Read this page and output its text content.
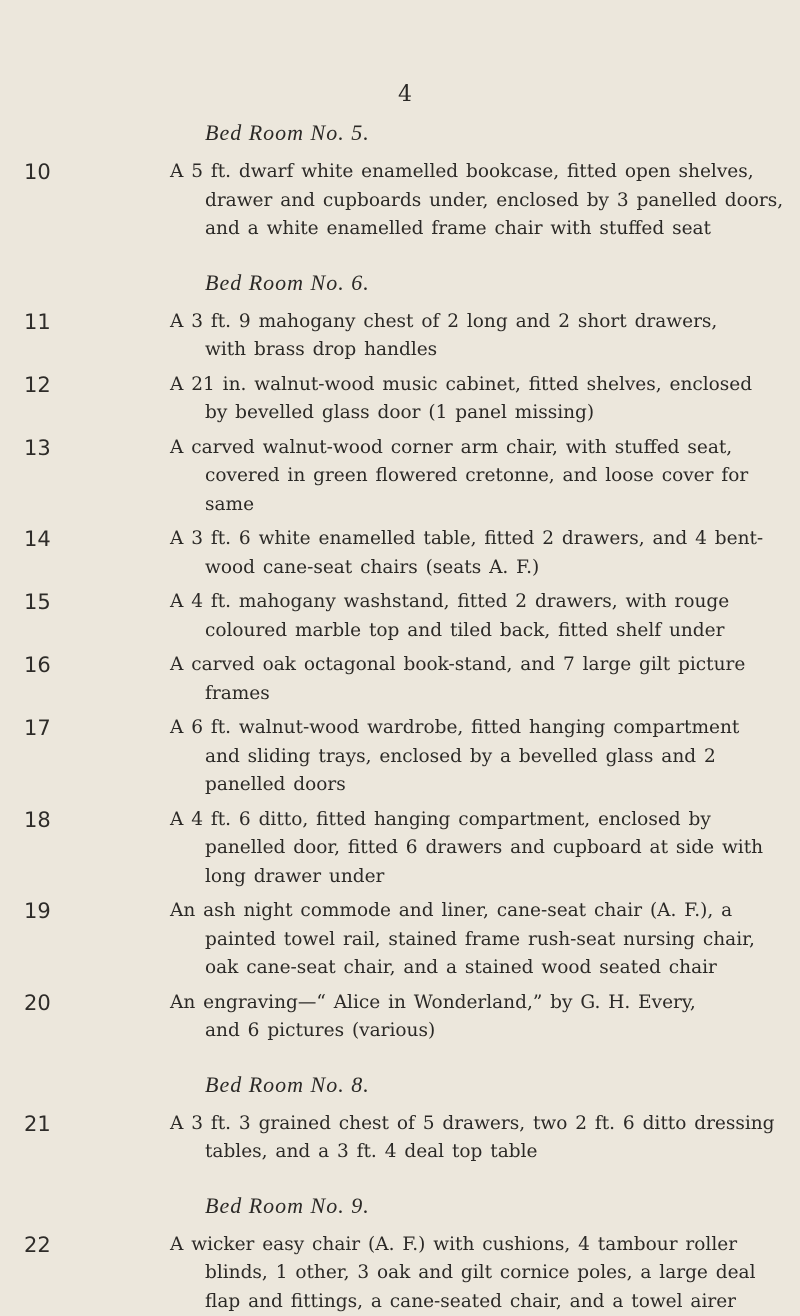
4
Bed Room No. 5.
10	A 5 ft. dwarf white enamelled bookcase, fitted open shelves,
drawer and cupboards under, enclosed by 3 panelled doors,
and a white enamelled frame chair with stuffed seat
Bed Room No. 6.
11	A 3 ft. 9 mahogany chest of 2 long and 2 short drawers,
with brass drop handles
12	A 21 in. walnut-wood music cabinet, fitted shelves, enclosed
by bevelled glass door (1 panel missing)
13	A carved walnut-wood corner arm chair, with stuffed seat,
covered in green flowered cretonne, and loose cover for
same
14	A 3 ft. 6 white enamelled table, fitted 2 drawers, and 4 bent-
wood cane-seat chairs (seats A. F.)
15	A 4 ft. mahogany washstand, fitted 2 drawers, with rouge
coloured marble top and tiled back, fitted shelf under
16	A carved oak octagonal book-stand, and 7 large gilt picture
frames
17	A 6 ft. walnut-wood wardrobe, fitted hanging compartment
and sliding trays, enclosed by a bevelled glass and 2
panelled doors
18	A 4 ft. 6 ditto, fitted hanging compartment, enclosed by
panelled door, fitted 6 drawers and cupboard at side with
long drawer under
19	An ash night commode and liner, cane-seat chair (A. F.), a
painted towel rail, stained frame rush-seat nursing chair,
oak cane-seat chair, and a stained wood seated chair
20	An engraving—“ Alice in Wonderland,” by G. H. Every,
and 6 pictures (various)
Bed Room No. 8.
21	A 3 ft. 3 grained chest of 5 drawers, two 2 ft. 6 ditto dressing
tables, and a 3 ft. 4 deal top table
Bed Room No. 9.
22	A wicker easy chair (A. F.) with cushions, 4 tambour roller
blinds, 1 other, 3 oak and gilt cornice poles, a large deal
flap and fittings, a cane-seated chair, and a towel airer
